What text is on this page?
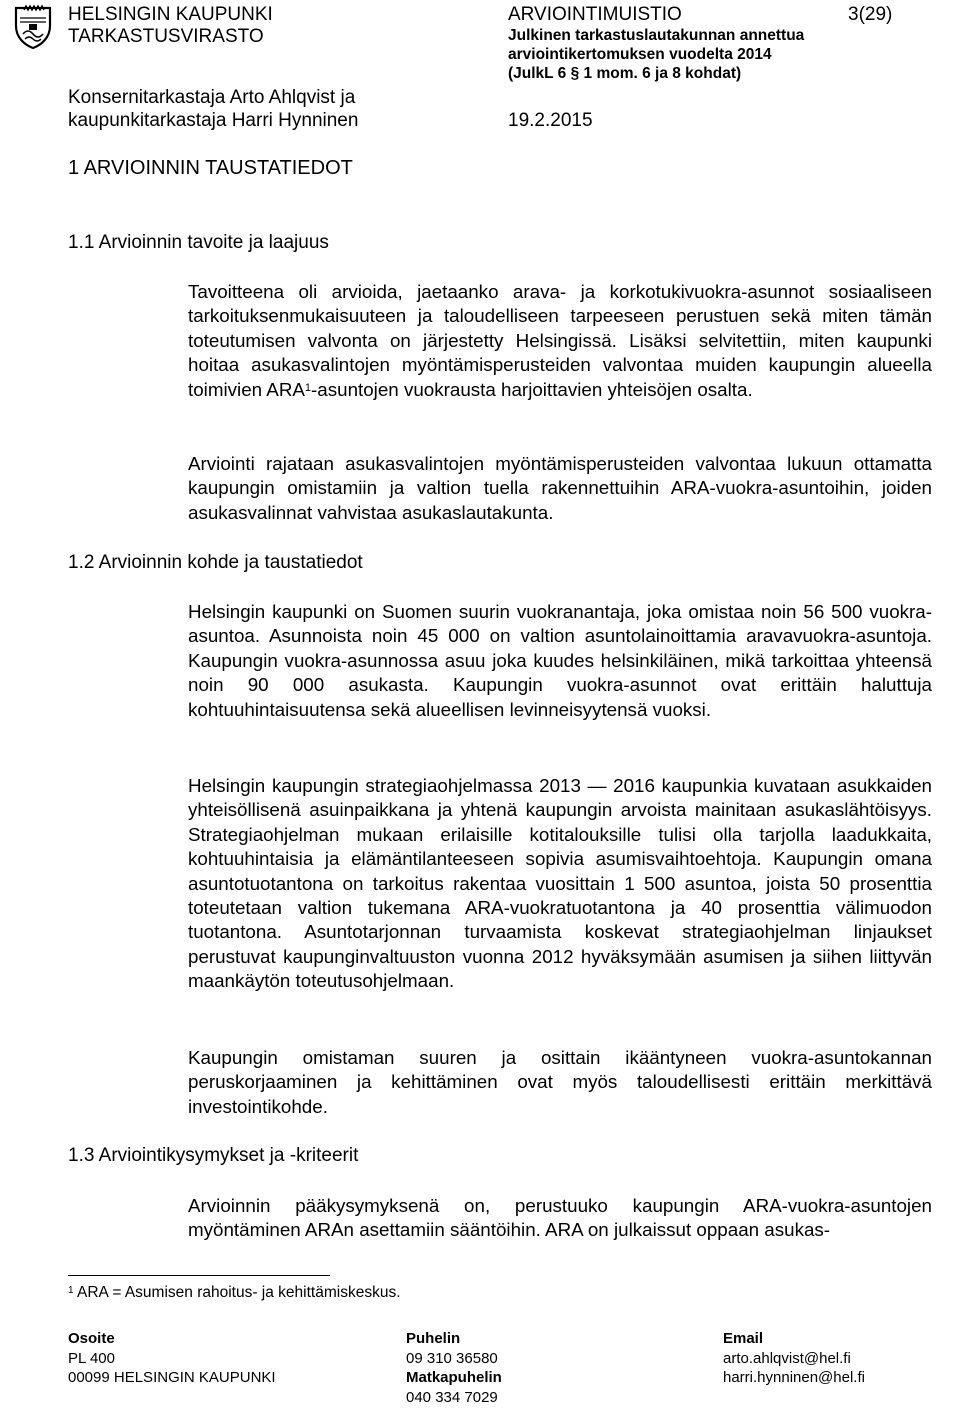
HELSINGIN KAUPUNKI
TARKASTUSVIRASTO
ARVIOINTIMUISTIO	3(29)
Julkinen tarkastuslautakunnan annettua
arviointikertomuksen vuodelta 2014
(JulkL 6 § 1 mom. 6 ja 8 kohdat)
Konsernitarkastaja Arto Ahlqvist ja
kaupunkitarkastaja Harri Hynninen	19.2.2015
1 ARVIOINNIN TAUSTATIEDOT
1.1 Arvioinnin tavoite ja laajuus

Tavoitteena oli arvioida, jaetaanko arava- ja korkotukivuokra-asunnot sosiaaliseen tarkoituksenmukaisuuteen ja taloudelliseen tarpeeseen perustuen sekä miten tämän toteutumisen valvonta on järjestetty Helsingissä. Lisäksi selvitettiin, miten kaupunki hoitaa asukasvalintojen myöntämisperusteiden valvontaa muiden kaupungin alueella toimivien ARA$^1$-asuntojen vuokrausta harjoittavien yhteisöjen osalta.

Arviointi rajataan asukasvalintojen myöntämisperusteiden valvontaa lukuun ottamatta kaupungin omistamiin ja valtion tuella rakennettuihin ARA-vuokra-asuntoihin, joiden asukasvalinnat vahvistaa asukaslautakunta.

1.2 Arvioinnin kohde ja taustatiedot

Helsingin kaupunki on Suomen suurin vuokranantaja, joka omistaa noin 56 500 vuokra-asuntoa. Asunnoista noin 45 000 on valtion asuntolainoittamia aravavuokra-asuntoja. Kaupungin vuokra-asunnossa asuu joka kuudes helsinkiläinen, mikä tarkoittaa yhteensä noin 90 000 asukasta. Kaupungin vuokra-asunnot ovat erittäin haluttuja kohtuuhintaisuutensa sekä alueellisen levinneisyytensä vuoksi.

Helsingin kaupungin strategiaohjelmassa 2013 — 2016 kaupunkia kuvataan asukkaiden yhteisöllisenä asuinpaikkana ja yhtenä kaupungin arvoista mainitaan asukaslähtöisyys. Strategiaohjelman mukaan erilaisille kotitalouksille tulisi olla tarjolla laadukkaita, kohtuuhintaisia ja elämäntilanteeseen sopivia asumisvaihtoehtoja. Kaupungin omana asuntotuotantona on tarkoitus rakentaa vuosittain 1 500 asuntoa, joista 50 prosenttia toteutetaan valtion tukemana ARA-vuokratuotantona ja 40 prosenttia välimuodon tuotantona. Asuntotarjonnan turvaamista koskevat strategiaohjelman linjaukset perustuvat kaupunginvaltuuston vuonna 2012 hyväksymään asumisen ja siihen liittyvän maankäytön toteutusohjelmaan.

Kaupungin omistaman suuren ja osittain ikääntyneen vuokra-asuntokannan peruskorjaaminen ja kehittäminen ovat myös taloudellisesti erittäin merkittävä investointikohde.

1.3 Arviointikysymykset ja -kriteerit

Arvioinnin pääkysymyksenä on, perustuuko kaupungin ARA-vuokra-asuntojen myöntäminen ARAn asettamiin sääntöihin. ARA on julkaissut oppaan asukas-

$^1$ ARA = Asumisen rahoitus- ja kehittämiskeskus.
Osoite
PL 400
00099 HELSINGIN KAUPUNKI
Puhelin
09 310 36580
Matkapuhelin
040 334 7029
Email
arto.ahlqvist@hel.fi
harri.hynninen@hel.fi
